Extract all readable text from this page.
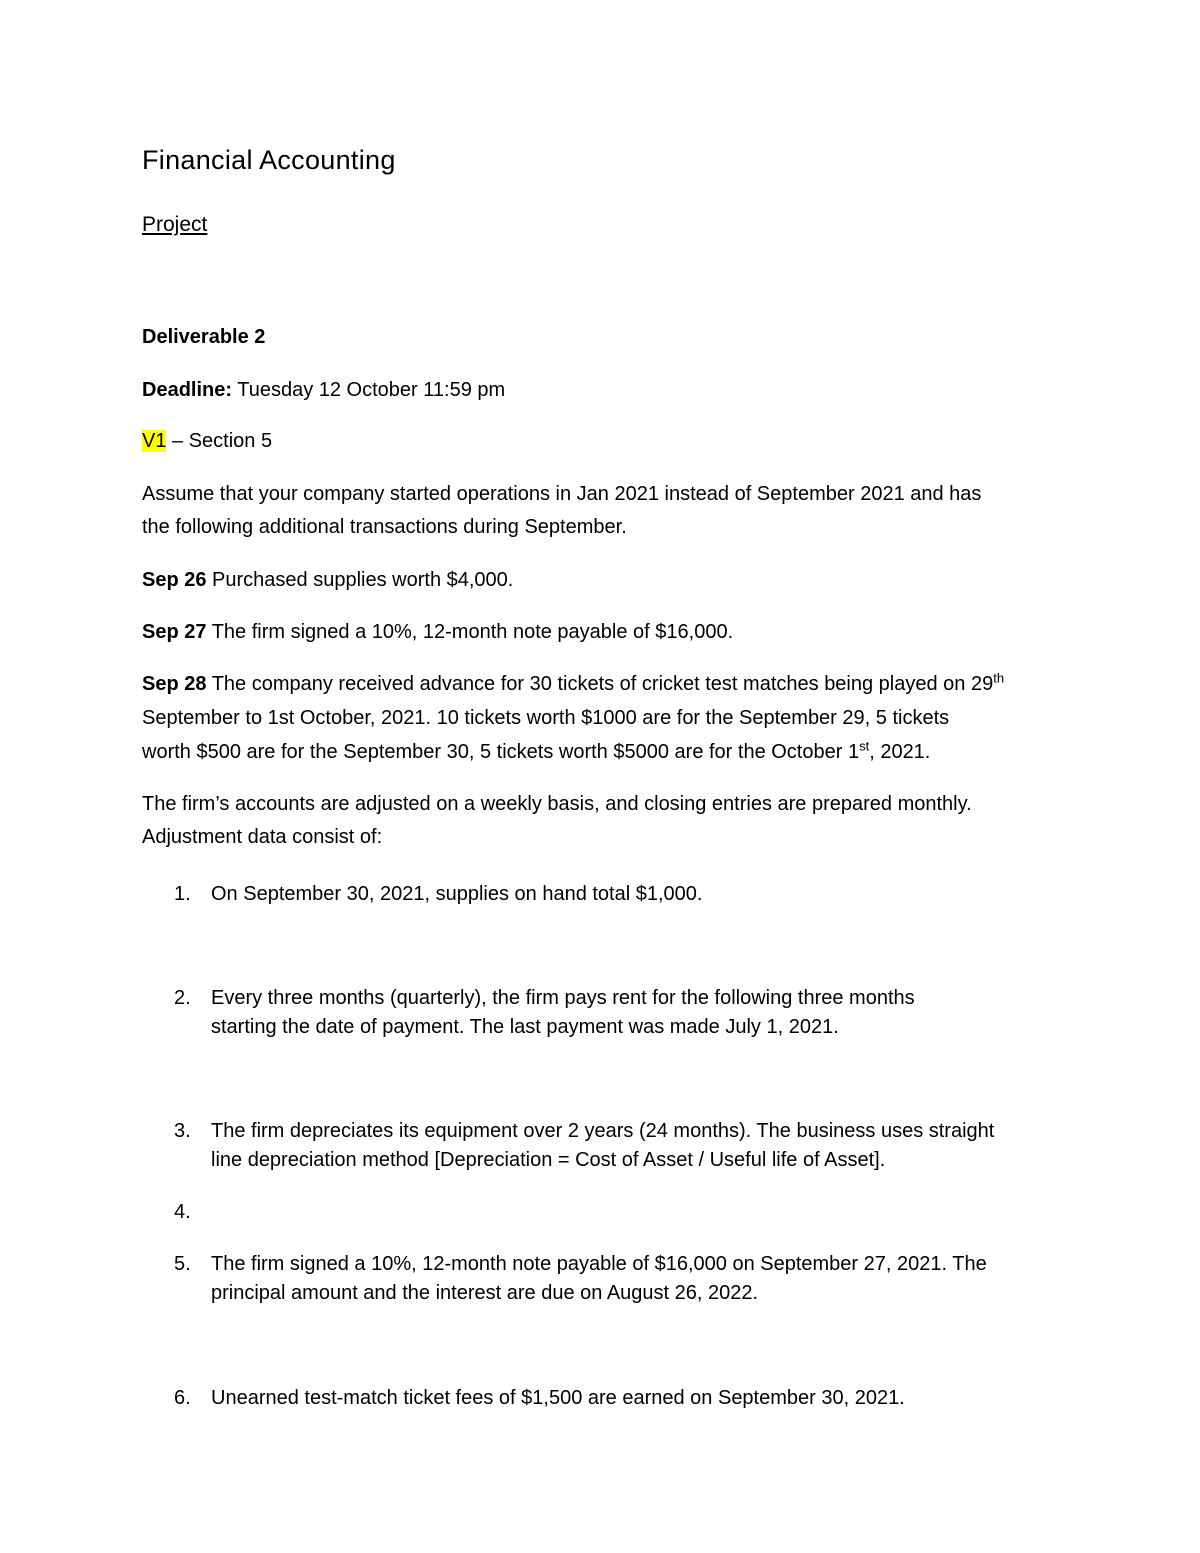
Financial Accounting
Project
Deliverable 2
Deadline: Tuesday 12 October 11:59 pm
V1 – Section 5
Assume that your company started operations in Jan 2021 instead of September 2021 and has
the following additional transactions during September.
Sep 26 Purchased supplies worth $4,000.
Sep 27 The firm signed a 10%, 12-month note payable of $16,000.
Sep 28 The company received advance for 30 tickets of cricket test matches being played on 29th
September to 1st October, 2021. 10 tickets worth $1000 are for the September 29, 5 tickets
worth $500 are for the September 30, 5 tickets worth $5000 are for the October 1st, 2021.
The firm’s accounts are adjusted on a weekly basis, and closing entries are prepared monthly.
Adjustment data consist of:
1. On September 30, 2021, supplies on hand total $1,000.
2. Every three months (quarterly), the firm pays rent for the following three months
starting the date of payment. The last payment was made July 1, 2021.
3. The firm depreciates its equipment over 2 years (24 months). The business uses straight
line depreciation method [Depreciation = Cost of Asset / Useful life of Asset].
4.
5. The firm signed a 10%, 12-month note payable of $16,000 on September 27, 2021. The
principal amount and the interest are due on August 26, 2022.
6. Unearned test-match ticket fees of $1,500 are earned on September 30, 2021.
